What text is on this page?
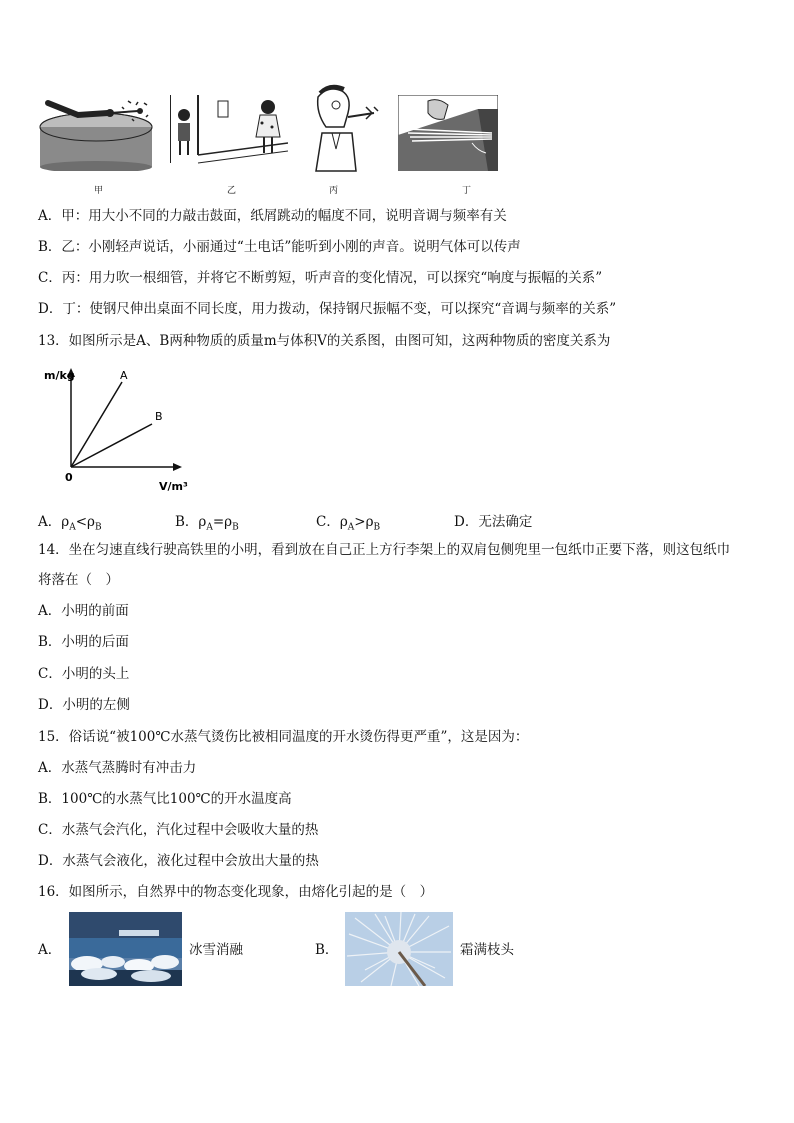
甲	乙	丙	丁
A．甲：用大小不同的力敲击鼓面，纸屑跳动的幅度不同，说明音调与频率有关
B．乙：小刚轻声说话，小丽通过“土电话”能听到小刚的声音。说明气体可以传声
C．丙：用力吹一根细管，并将它不断剪短，听声音的变化情况，可以探究“响度与振幅的关系”
D．丁：使钢尺伸出桌面不同长度，用力拨动，保持钢尺振幅不变，可以探究“音调与频率的关系”
13．如图所示是A、B两种物质的质量m与体积V的关系图，由图可知，这两种物质的密度关系为
m/kg
V/m³
0
A
B
A．$\rho_A<\rho_B$	B．$\rho_A=\rho_B$	C．$\rho_A>\rho_B$	D．无法确定
14．坐在匀速直线行驶高铁里的小明，看到放在自己正上方行李架上的双肩包侧兜里一包纸巾正要下落，则这包纸巾
将落在（　）
A．小明的前面
B．小明的后面
C．小明的头上
D．小明的左侧
15．俗话说“被100℃水蒸气烫伤比被相同温度的开水烫伤得更严重”，这是因为：
A．水蒸气蒸腾时有冲击力
B．100℃的水蒸气比100℃的开水温度高
C．水蒸气会汽化，汽化过程中会吸收大量的热
D．水蒸气会液化，液化过程中会放出大量的热
16．如图所示，自然界中的物态变化现象，由熔化引起的是（　）
A．	冰雪消融	B．	霜满枝头
